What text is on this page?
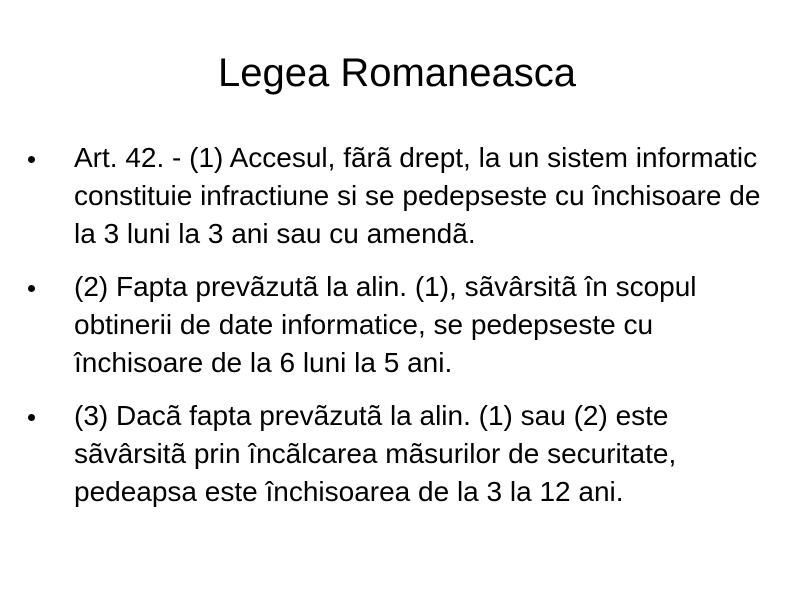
Legea Romaneasca
Art. 42. - (1) Accesul, fãrã drept, la un sistem informatic constituie infractiune si se pedepseste cu închisoare de la 3 luni la 3 ani sau cu amendã.
(2) Fapta prevãzutã la alin. (1), sãvârsitã în scopul obtinerii de date informatice, se pedepseste cu închisoare de la 6 luni la 5 ani.
(3) Dacã fapta prevãzutã la alin. (1) sau (2) este sãvârsitã prin încãlcarea mãsurilor de securitate, pedeapsa este închisoarea de la 3 la 12 ani.
